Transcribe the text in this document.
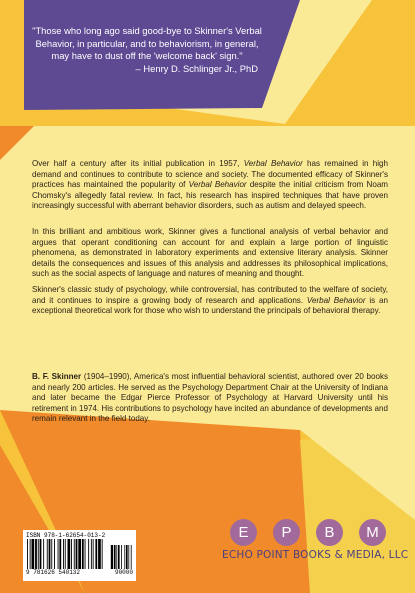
"Those who long ago said good-bye to Skinner's Verbal Behavior, in particular, and to behaviorism, in general, may have to dust off the 'welcome back' sign."
– Henry D. Schlinger Jr., PhD
Over half a century after its initial publication in 1957, Verbal Behavior has remained in high demand and continues to contribute to science and society. The documented efficacy of Skinner's practices has maintained the popularity of Verbal Behavior despite the initial criticism from Noam Chomsky's allegedly fatal review. In fact, his research has inspired techniques that have proven increasingly successful with aberrant behavior disorders, such as autism and delayed speech.
In this brilliant and ambitious work, Skinner gives a functional analysis of verbal behavior and argues that operant conditioning can account for and explain a large portion of linguistic phenomena, as demonstrated in laboratory experiments and extensive literary analysis. Skinner details the consequences and issues of this analysis and addresses its philosophical implications, such as the social aspects of language and natures of meaning and thought.
Skinner's classic study of psychology, while controversial, has contributed to the welfare of society, and it continues to inspire a growing body of research and applications. Verbal Behavior is an exceptional theoretical work for those who wish to understand the principals of behavioral therapy.
B. F. Skinner (1904–1990), America's most influential behavioral scientist, authored over 20 books and nearly 200 articles. He served as the Psychology Department Chair at the University of Indiana and later became the Edgar Pierce Professor of Psychology at Harvard University until his retirement in 1974. His contributions to psychology have incited an abundance of developments and remain relevant in the field today.
ISBN 978-1-62654-013-2
9 781626 540132	90000
E	P	B	M
ECHO POINT BOOKS & MEDIA, LLC
